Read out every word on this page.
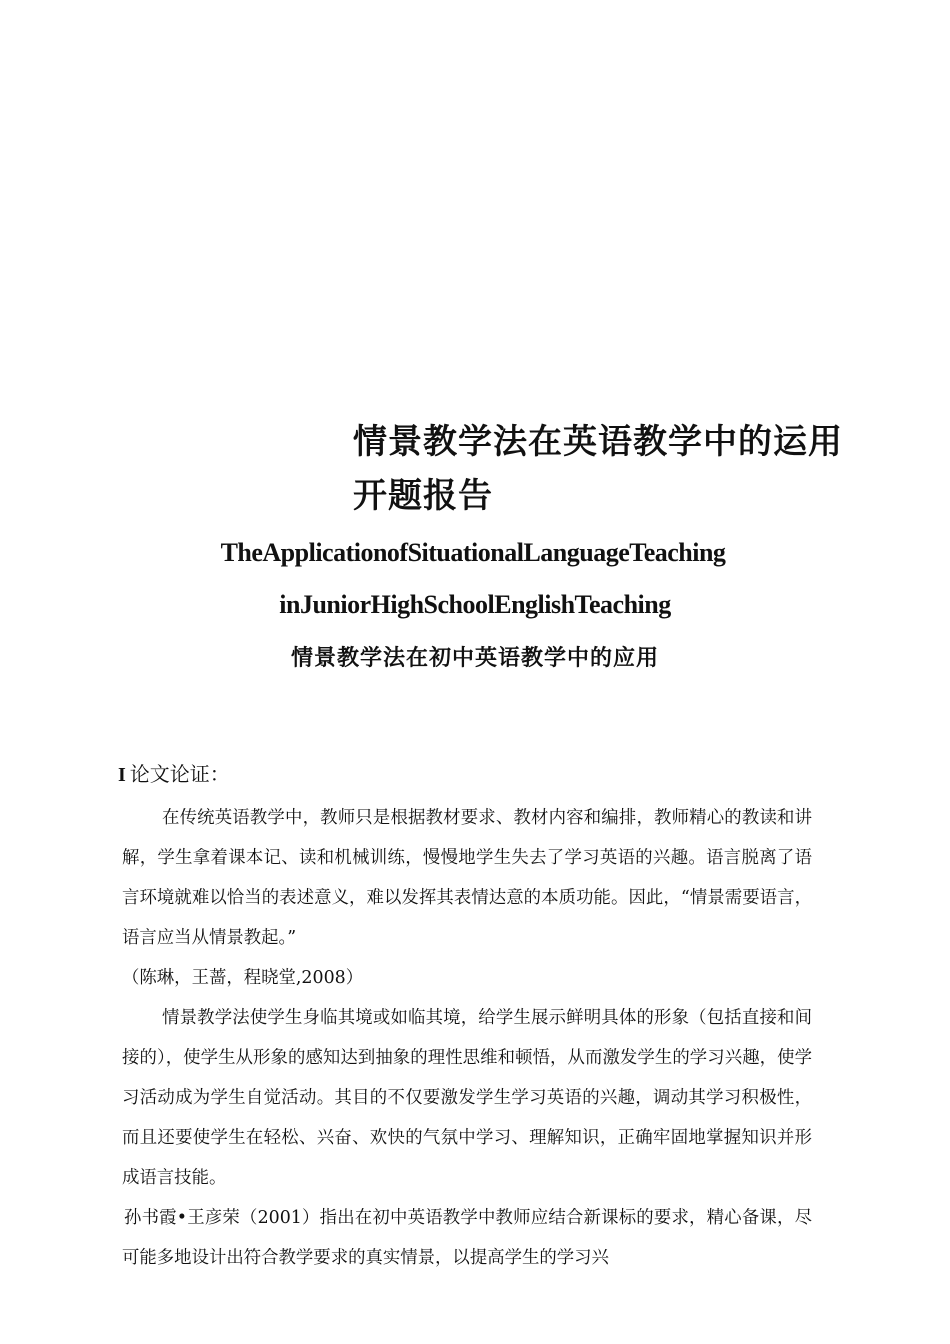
情景教学法在英语教学中的运用
开题报告
TheApplicationofSituationalLanguageTeaching
inJuniorHighSchoolEnglishTeaching
情景教学法在初中英语教学中的应用
I 论文论证：

在传统英语教学中，教师只是根据教材要求、教材内容和编排，教师精心的教读和讲解，学生拿着课本记、读和机械训练，慢慢地学生失去了学习英语的兴趣。语言脱离了语言环境就难以恰当的表述意义，难以发挥其表情达意的本质功能。因此，“情景需要语言，语言应当从情景教起。”

（陈琳，王蔷，程晓堂,2008）

情景教学法使学生身临其境或如临其境，给学生展示鲜明具体的形象（包括直接和间接的），使学生从形象的感知达到抽象的理性思维和顿悟，从而激发学生的学习兴趣，使学习活动成为学生自觉活动。其目的不仅要激发学生学习英语的兴趣，调动其学习积极性，而且还要使学生在轻松、兴奋、欢快的气氛中学习、理解知识，正确牢固地掌握知识并形成语言技能。

孙书霞•王彦荣（2001）指出在初中英语教学中教师应结合新课标的要求，精心备课，尽可能多地设计出符合教学要求的真实情景，以提高学生的学习兴
